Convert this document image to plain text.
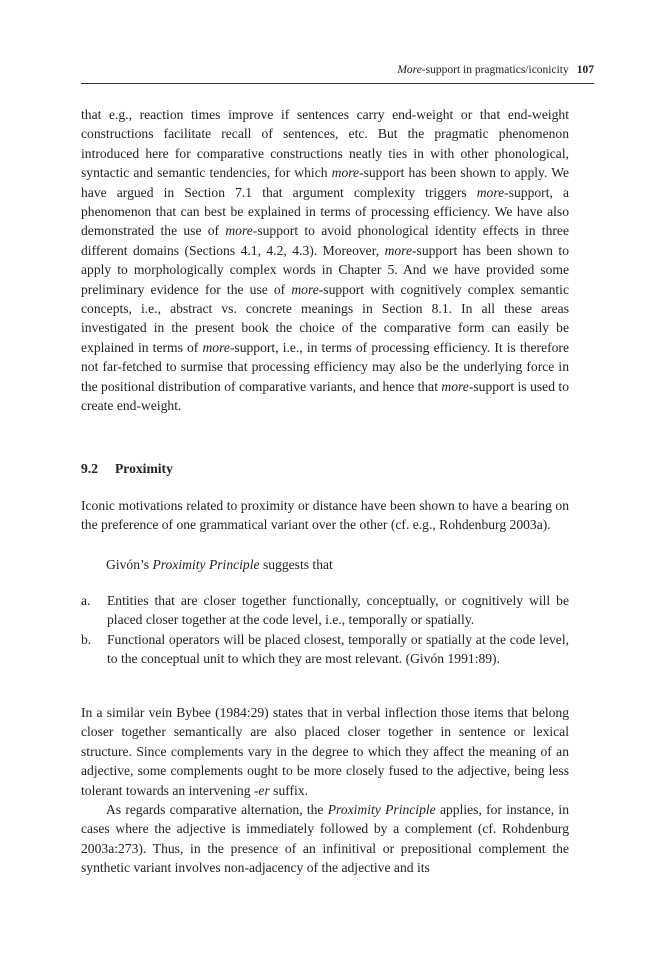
More-support in pragmatics/iconicity 107
that e.g., reaction times improve if sentences carry end-weight or that end-weight constructions facilitate recall of sentences, etc. But the pragmatic phenomenon introduced here for comparative constructions neatly ties in with other phonological, syntactic and semantic tendencies, for which more-support has been shown to apply. We have argued in Section 7.1 that argument complexity triggers more-support, a phenomenon that can best be explained in terms of processing efficiency. We have also demonstrated the use of more-support to avoid phonological identity effects in three different domains (Sections 4.1, 4.2, 4.3). Moreover, more-support has been shown to apply to morphologically complex words in Chapter 5. And we have provided some preliminary evidence for the use of more-support with cognitively complex semantic concepts, i.e., abstract vs. concrete meanings in Section 8.1. In all these areas investigated in the present book the choice of the comparative form can easily be explained in terms of more-support, i.e., in terms of processing efficiency. It is therefore not far-fetched to surmise that processing efficiency may also be the underlying force in the positional distribution of comparative variants, and hence that more-support is used to create end-weight.
9.2 Proximity
Iconic motivations related to proximity or distance have been shown to have a bearing on the preference of one grammatical variant over the other (cf. e.g., Rohdenburg 2003a).
Givón’s Proximity Principle suggests that
a. Entities that are closer together functionally, conceptually, or cognitively will be placed closer together at the code level, i.e., temporally or spatially.
b. Functional operators will be placed closest, temporally or spatially at the code level, to the conceptual unit to which they are most relevant. (Givón 1991:89).
In a similar vein Bybee (1984:29) states that in verbal inflection those items that belong closer together semantically are also placed closer together in sentence or lexical structure. Since complements vary in the degree to which they affect the meaning of an adjective, some complements ought to be more closely fused to the adjective, being less tolerant towards an intervening -er suffix.
As regards comparative alternation, the Proximity Principle applies, for instance, in cases where the adjective is immediately followed by a complement (cf. Rohdenburg 2003a:273). Thus, in the presence of an infinitival or prepositional complement the synthetic variant involves non-adjacency of the adjective and its
